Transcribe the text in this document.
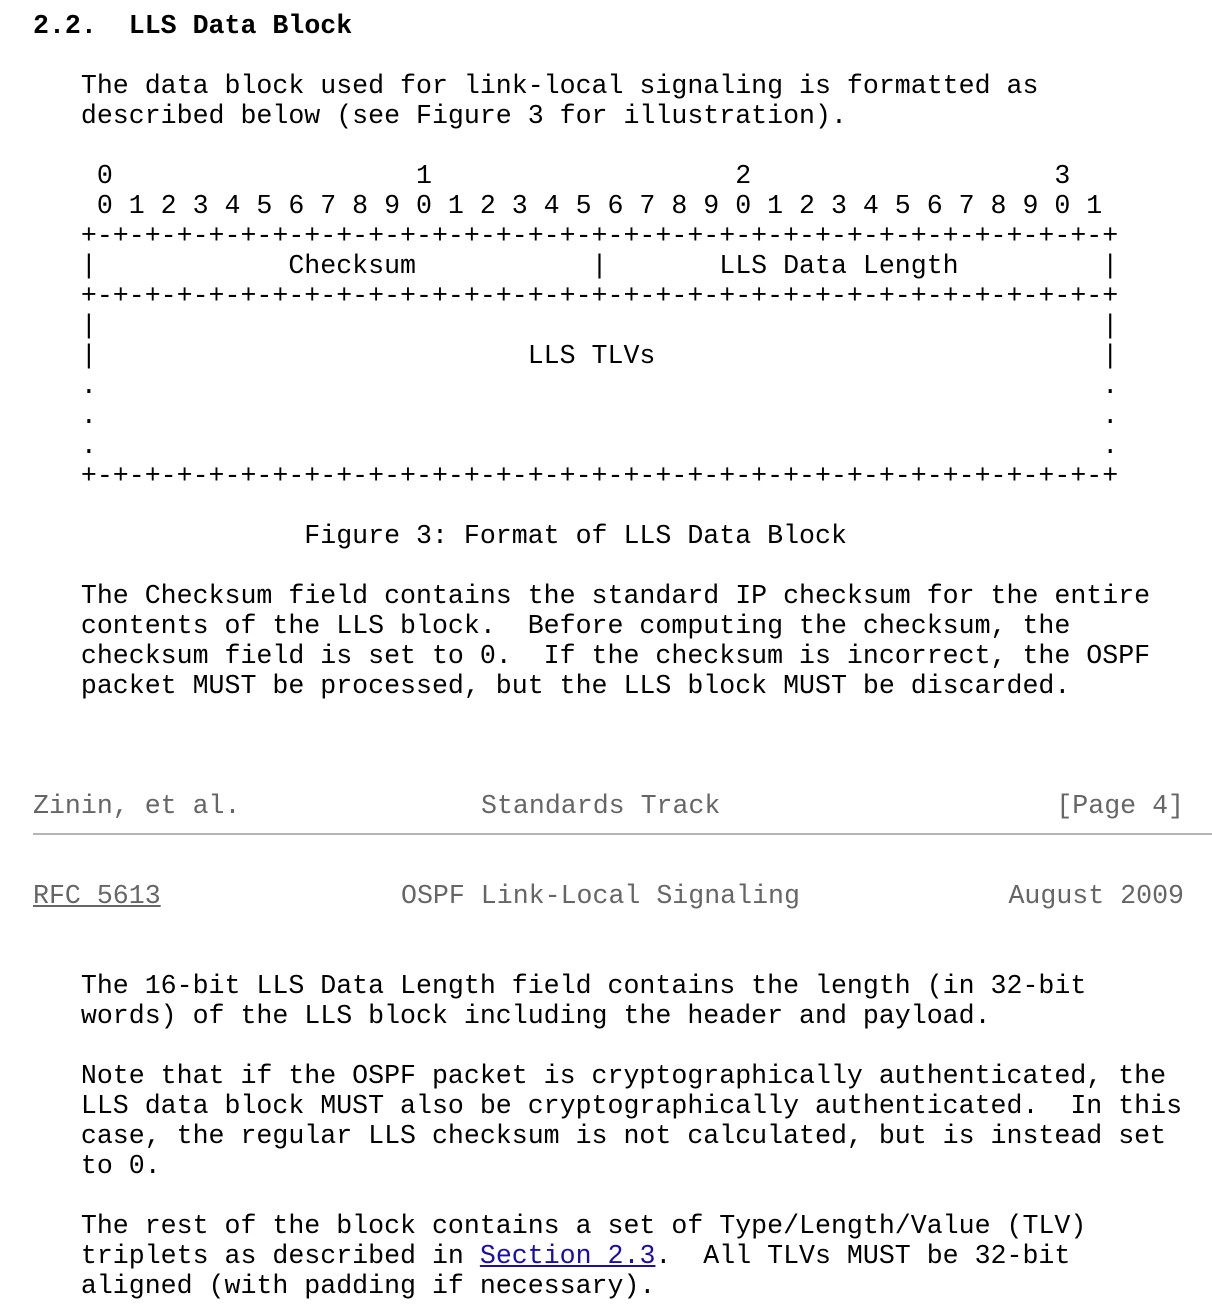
2.2. LLS Data Block

The data block used for link-local signaling is formatted as
described below (see Figure 3 for illustration).

0                   1                   2                   3
0 1 2 3 4 5 6 7 8 9 0 1 2 3 4 5 6 7 8 9 0 1 2 3 4 5 6 7 8 9 0 1
+-+-+-+-+-+-+-+-+-+-+-+-+-+-+-+-+-+-+-+-+-+-+-+-+-+-+-+-+-+-+-+-+
|            Checksum           |       LLS Data Length         |
+-+-+-+-+-+-+-+-+-+-+-+-+-+-+-+-+-+-+-+-+-+-+-+-+-+-+-+-+-+-+-+-+
|                                                               |
|                           LLS TLVs                            |
.                                                               .
.                                                               .
.                                                               .
+-+-+-+-+-+-+-+-+-+-+-+-+-+-+-+-+-+-+-+-+-+-+-+-+-+-+-+-+-+-+-+-+

Figure 3: Format of LLS Data Block

The Checksum field contains the standard IP checksum for the entire
contents of the LLS block.  Before computing the checksum, the
checksum field is set to 0.  If the checksum is incorrect, the OSPF
packet MUST be processed, but the LLS block MUST be discarded.

Zinin, et al.	Standards Track	[Page 4]

RFC 5613	OSPF Link-Local Signaling	August 2009

The 16-bit LLS Data Length field contains the length (in 32-bit
words) of the LLS block including the header and payload.

Note that if the OSPF packet is cryptographically authenticated, the
LLS data block MUST also be cryptographically authenticated.  In this
case, the regular LLS checksum is not calculated, but is instead set
to 0.

The rest of the block contains a set of Type/Length/Value (TLV)
triplets as described in Section 2.3.  All TLVs MUST be 32-bit
aligned (with padding if necessary).
